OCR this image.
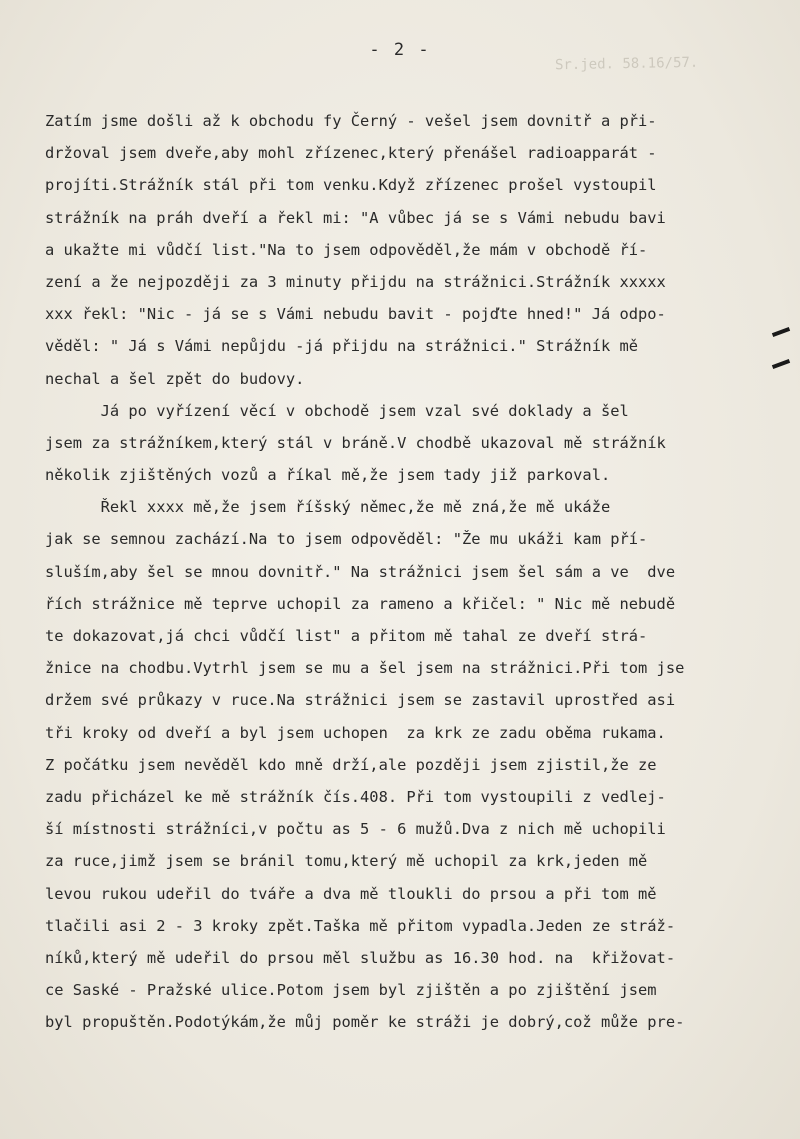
Sr.jed. 58.16/57.
- 2 -
Zatím jsme došli až k obchodu fy Černý - vešel jsem dovnitř a při-
držoval jsem dveře,aby mohl zřízenec,který přenášel radioapparát -
projíti.Strážník stál při tom venku.Když zřízenec prošel vystoupil
strážník na práh dveří a řekl mi: "A vůbec já se s Vámi nebudu bavi
a ukažte mi vůdčí list."Na to jsem odpověděl,že mám v obchodě ří-
zení a že nejpozději za 3 minuty přijdu na strážnici.Strážník xxxxx
xxx řekl: "Nic - já se s Vámi nebudu bavit - pojďte hned!" Já odpo-
věděl: " Já s Vámi nepůjdu -já přijdu na strážnici." Strážník mě
nechal a šel zpět do budovy.
Já po vyřízení věcí v obchodě jsem vzal své doklady a šel
jsem za strážníkem,který stál v bráně.V chodbě ukazoval mě strážník
několik zjištěných vozů a říkal mě,že jsem tady již parkoval.
Řekl xxxx mě,že jsem říšský němec,že mě zná,že mě ukáže
jak se semnou zachází.Na to jsem odpověděl: "Že mu ukáži kam pří-
sluším,aby šel se mnou dovnitř." Na strážnici jsem šel sám a ve  dve
řích strážnice mě teprve uchopil za rameno a křičel: " Nic mě nebudě
te dokazovat,já chci vůdčí list" a přitom mě tahal ze dveří strá-
žnice na chodbu.Vytrhl jsem se mu a šel jsem na strážnici.Při tom jse
držem své průkazy v ruce.Na strážnici jsem se zastavil uprostřed asi
tři kroky od dveří a byl jsem uchopen  za krk ze zadu oběma rukama.
Z počátku jsem nevěděl kdo mně drží,ale později jsem zjistil,že ze
zadu přicházel ke mě strážník čís.408. Při tom vystoupili z vedlej-
ší místnosti strážníci,v počtu as 5 - 6 mužů.Dva z nich mě uchopili
za ruce,jimž jsem se bránil tomu,který mě uchopil za krk,jeden mě
levou rukou udeřil do tváře a dva mě tloukli do prsou a při tom mě
tlačili asi 2 - 3 kroky zpět.Taška mě přitom vypadla.Jeden ze stráž-
níků,který mě udeřil do prsou měl službu as 16.30 hod. na  křižovat-
ce Saské - Pražské ulice.Potom jsem byl zjištěn a po zjištění jsem
byl propuštěn.Podotýkám,že můj poměr ke stráži je dobrý,což může pre-
